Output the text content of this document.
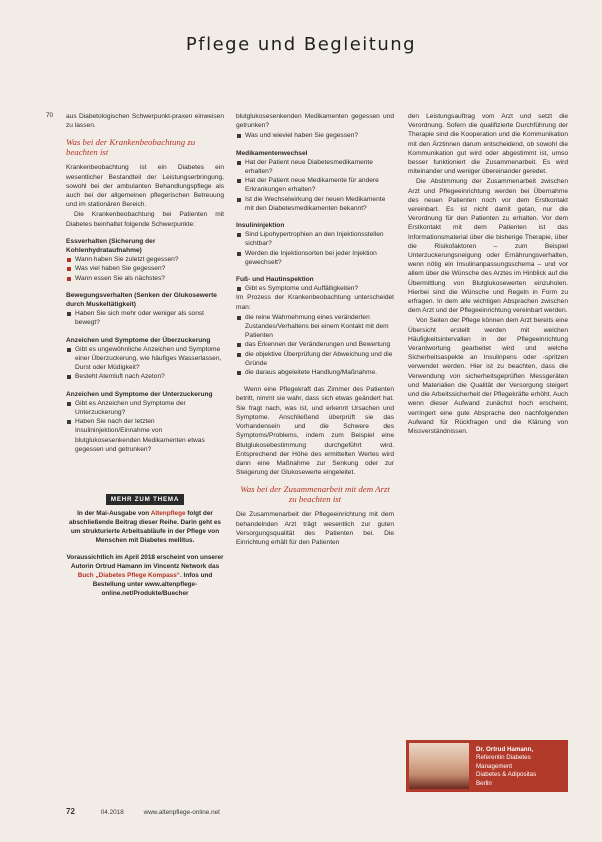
Pflege und Begleitung
70 aus Diabetologischen Schwerpunkt-praxen einweisen zu lassen.

Was bei der Krankenbeobachtung zu beachten ist

Krankenbeobachtung ist ein Diabetes ein wesentlicher Bestandteil der Leistungserbringung, sowohl bei der ambulanten Behandlungspflege als auch bei der allgemeinen pflegerischen Betreuung und im stationären Bereich.

Die Krankenbeobachtung bei Patienten mit Diabetes beinhaltet folgende Schwerpunkte:

Essverhalten (Sicherung der Kohlenhydrataufnahme)
Wann haben Sie zuletzt gegessen?
Was viel haben Sie gegessen?
Wann essen Sie als nächstes?
Bewegungsverhalten (Senken der Glukosewerte durch Muskeltätigkeit)
Haben Sie sich mehr oder weniger als sonst bewegt?
Anzeichen und Symptome der Überzuckerung
Gibt es ungewöhnliche Anzeichen und Symptome einer Überzuckerung, wie häufiges Wasserlassen, Durst oder Müdigkeit?
Besteht Atemluft nach Azeton?
Anzeichen und Symptome der Unterzuckerung
Gibt es Anzeichen und Symptome der Unterzuckerung?
Haben Sie nach der letzten Insulininjektion/Einnahme von blutglukosesenkenden Medikamenten etwas gegessen und getrunken?
MEHR ZUM THEMA
In der Mai-Ausgabe von Altenpflege folgt der abschließende Beitrag dieser Reihe. Darin geht es um strukturierte Arbeitsabläufe in der Pflege von Menschen mit Diabetes mellitus.
Voraussichtlich im April 2018 erscheint von unserer Autorin Ortrud Hamann im Vincentz Network das Buch „Diabetes Pflege Kompass“. Infos und Bestellung unter www.altenpflege-online.net/Produkte/Buecher

blutglukosesenkenden Medikamenten gegessen und getrunken?

Was und wieviel haben Sie gegessen?
Medikamentenwechsel
Hat der Patient neue Diabetesmedikamente erhalten?
Hat der Patient neue Medikamente für andere Erkrankungen erhalten?
Ist die Wechselwirkung der neuen Medikamente mit den Diabetesmedikamenten bekannt?
Insulininjektion
Sind Lipohypertrophien an den Injektionsstellen sichtbar?
Werden die Injektionsorten bei jeder Injektion gewechselt?
Fuß- und Hautinspektion
Gibt es Symptome und Auffälligkeiten?

Im Prozess der Krankenbeobachtung unterscheidet man:

die reine Wahrnehmung eines veränderten Zustandes/Verhaltens bei einem Kontakt mit dem Patienten
das Erkennen der Veränderungen und Bewertung
die objektive Überprüfung der Abweichung und die Gründe
die daraus abgeleitete Handlung/Maßnahme.

Wenn eine Pflegekraft das Zimmer des Patienten betritt, nimmt sie wahr, dass sich etwas geändert hat. Sie fragt nach, was ist, und erkennt Ursachen und Symptome. Anschließend überprüft sie das Vorhandensein und die Schwere des Symptoms/Problems, indem zum Beispiel eine Blutglukosebestimmung durchgeführt wird. Entsprechend der Höhe des ermittelten Wertes wird dann eine Maßnahme zur Senkung oder zur Steigerung der Glukosewerte eingeleitet.

Was bei der Zusammenarbeit mit dem Arzt zu beachten ist

Die Zusammenarbeit der Pflegeeinrichtung mit dem behandelnden Arzt trägt wesentlich zur guten Versorgungsqualität des Patienten bei. Die Einrichtung erhält für den Patienten

den Leistungsauftrag vom Arzt und setzt die Verordnung. Sofern die qualifizierte Durchführung der Therapie sind die Kooperation und die Kommunikation mit den Ärztinnen darum entscheidend, ob sowohl die Kommunikation gut wird oder abgestimmt ist, umso besser funktioniert die Zusammenarbeit. Es wird miteinander und weniger übereinander geredet.

Die Abstimmung der Zusammenarbeit zwischen Arzt und Pflegeeinrichtung werden bei Übernahme des neuen Patienten noch vor dem Erstkontakt vereinbart. Es ist nicht damit getan, nur die Verordnung für den Patienten zu erhalten. Vor dem Erstkontakt mit dem Patienten ist das Informationsmaterial über die bisherige Therapie, über die Risikofaktoren – zum Beispiel Unterzuckerungsneigung oder Ernährungsverhalten, wenn nötig ein Insulinanpassungsschema – und vor allem über die Wünsche des Arztes im Hinblick auf die Übermittlung von Blutglukosewerten einzuholen. Hierbei sind die Wünsche und Regeln in Form zu erfragen. In dem alle wichtigen Absprachen zwischen dem Arzt und der Pflegeeinrichtung vereinbart werden.

Von Seiten der Pflege können dem Arzt bereits eine Übersicht erstellt werden mit welchen Häufigkeitsintervallen in der Pflegeeinrichtung Verantwortung gearbeitet wird und welche Sicherheitsaspekte an Insulinpens oder -spritzen verwendet werden. Hier ist zu beachten, dass die Verwendung von sicherheitsgeprüften Messgeräten und Materialien die Qualität der Versorgung steigert und die Arbeitssicherheit der Pflegekräfte erhöht. Auch wenn dieser Aufwand zunächst hoch erscheint, verringert eine gute Absprache den nachfolgenden Aufwand für Rückfragen und die Klärung von Missverständnissen.

Dr. Ortrud Hamann,
Referentin Diabetes
Management
Diabetes & Adipositas
Berlin
72	04.2018	www.altenpflege-online.net
